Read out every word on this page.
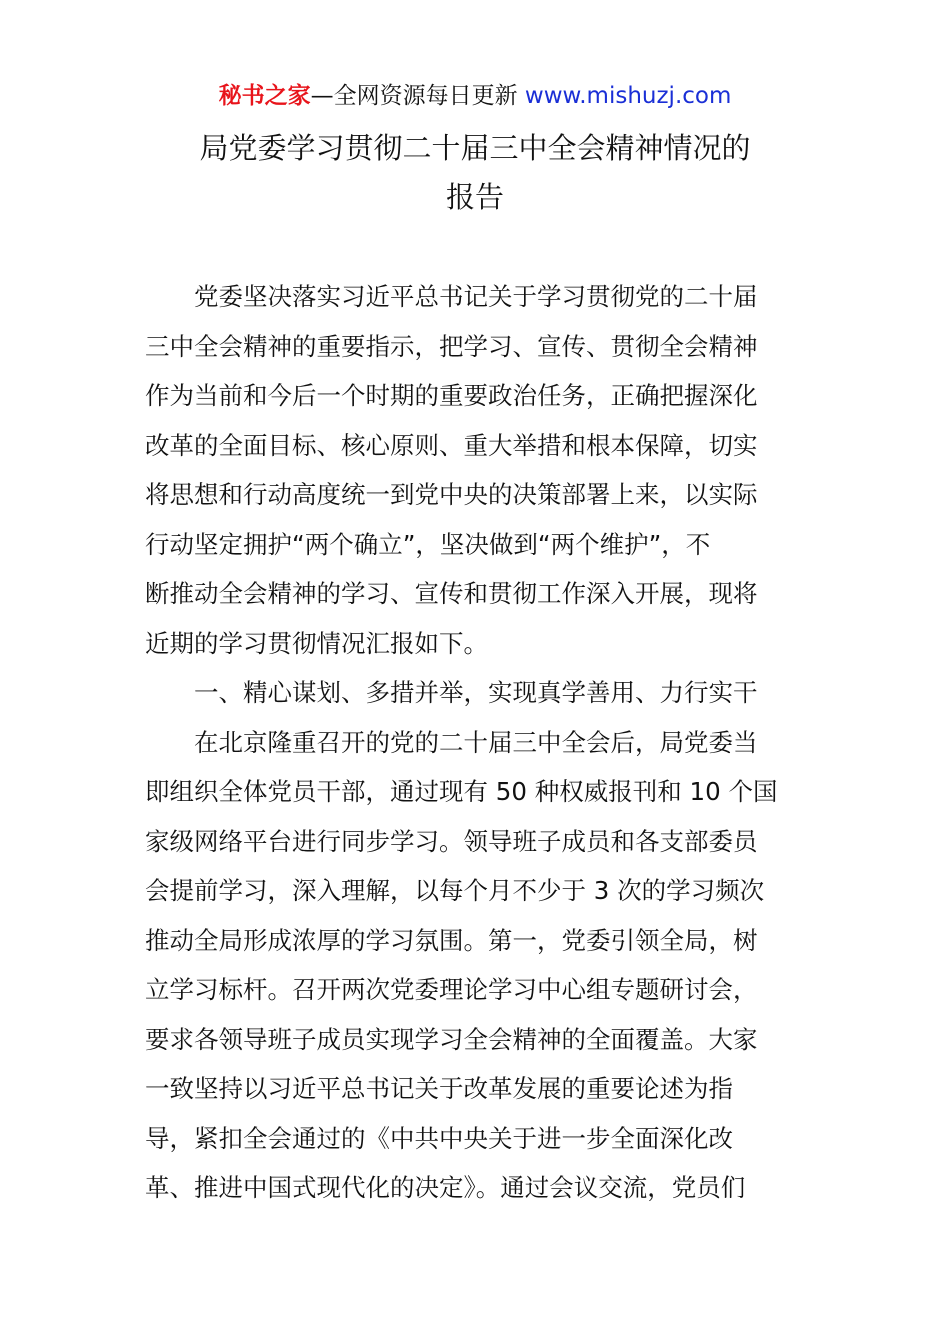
秘书之家—全网资源每日更新 www.mishuzj.com
局党委学习贯彻二十届三中全会精神情况的
报告
　　党委坚决落实习近平总书记关于学习贯彻党的二十届
三中全会精神的重要指示，把学习、宣传、贯彻全会精神
作为当前和今后一个时期的重要政治任务，正确把握深化
改革的全面目标、核心原则、重大举措和根本保障，切实
将思想和行动高度统一到党中央的决策部署上来，以实际
行动坚定拥护“两个确立”，坚决做到“两个维护”，不
断推动全会精神的学习、宣传和贯彻工作深入开展，现将
近期的学习贯彻情况汇报如下。
　　一、精心谋划、多措并举，实现真学善用、力行实干
　　在北京隆重召开的党的二十届三中全会后，局党委当
即组织全体党员干部，通过现有 50 种权威报刊和 10 个国
家级网络平台进行同步学习。领导班子成员和各支部委员
会提前学习，深入理解，以每个月不少于 3 次的学习频次
推动全局形成浓厚的学习氛围。第一，党委引领全局，树
立学习标杆。召开两次党委理论学习中心组专题研讨会，
要求各领导班子成员实现学习全会精神的全面覆盖。大家
一致坚持以习近平总书记关于改革发展的重要论述为指
导，紧扣全会通过的《中共中央关于进一步全面深化改
革、推进中国式现代化的决定》。通过会议交流，党员们
